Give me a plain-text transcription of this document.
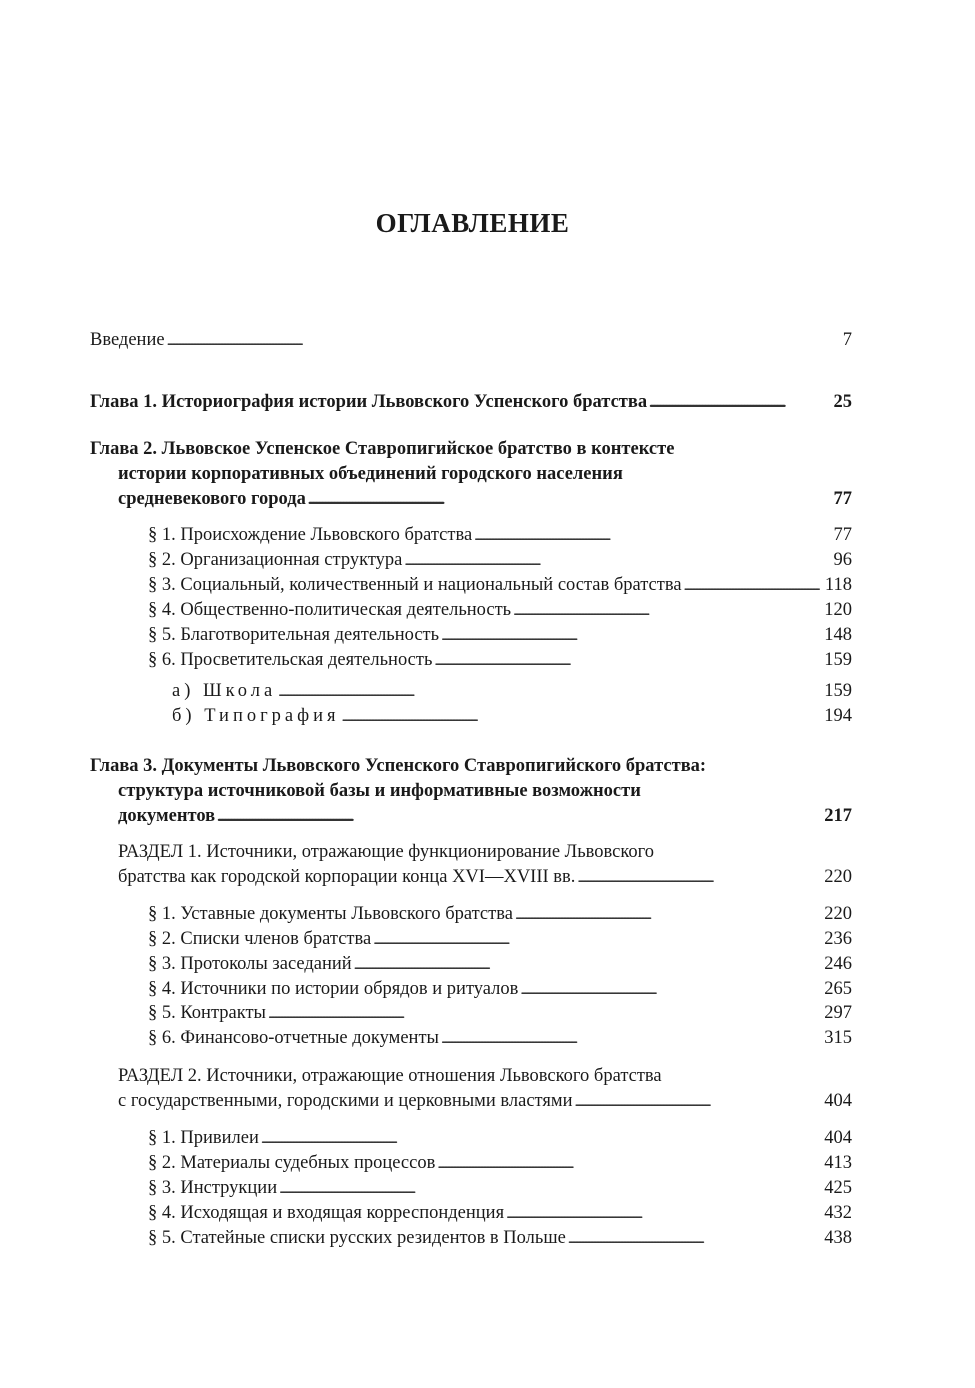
ОГЛАВЛЕНИЕ
Введение . . .	7
Глава 1. Историография истории Львовского Успенского братства . . .	25
Глава 2. Львовское Успенское Ставропигийское братство в контексте
истории корпоративных объединений городского населения
средневекового города . . .	77
§ 1. Происхождение Львовского братства . . .	77
§ 2. Организационная структура . . .	96
§ 3. Социальный, количественный и национальный состав братства . . .	118
§ 4. Общественно-политическая деятельность . . .	120
§ 5. Благотворительная деятельность . . .	148
§ 6. Просветительская деятельность . . .	159
а) Школа . . .	159
б) Типография . . .	194
Глава 3. Документы Львовского Успенского Ставропигийского братства:
структура источниковой базы и информативные возможности
документов . . .	217
РАЗДЕЛ 1. Источники, отражающие функционирование Львовского
братства как городской корпорации конца XVI—XVIII вв. . . .	220
§ 1. Уставные документы Львовского братства . . .	220
§ 2. Списки членов братства . . .	236
§ 3. Протоколы заседаний . . .	246
§ 4. Источники по истории обрядов и ритуалов . . .	265
§ 5. Контракты . . .	297
§ 6. Финансово-отчетные документы . . .	315
РАЗДЕЛ 2. Источники, отражающие отношения Львовского братства
с государственными, городскими и церковными властями . . .	404
§ 1. Привилеи . . .	404
§ 2. Материалы судебных процессов . . .	413
§ 3. Инструкции . . .	425
§ 4. Исходящая и входящая корреспонденция . . .	432
§ 5. Статейные списки русских резидентов в Польше . . .	438
